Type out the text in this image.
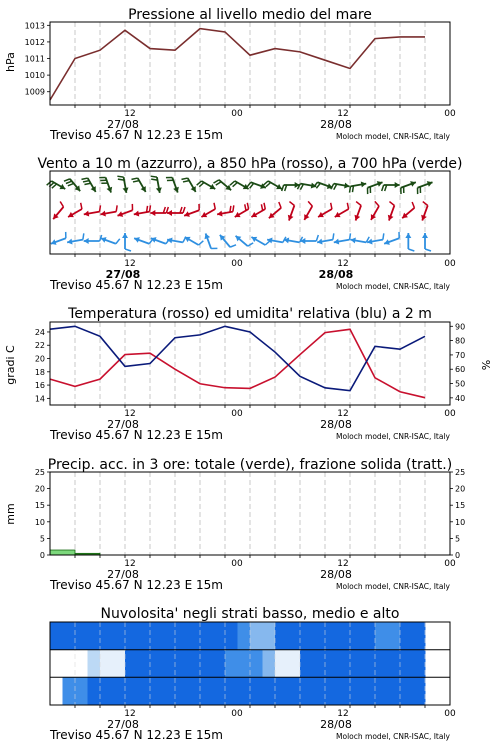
Pressione al livello medio del mare
hPa
1009
1010
1011
1012
1013
12	00	12	00
27/08	28/08
Treviso 45.67 N 12.23 E 15m	Moloch model, CNR-ISAC, Italy
Vento a 10 m (azzurro), a 850 hPa (rosso), a 700 hPa (verde)
12	00	12	00
27/08	28/08
Treviso 45.67 N 12.23 E 15m	Moloch model, CNR-ISAC, Italy
Temperatura (rosso) ed umidita' relativa (blu) a 2 m
gradi C	%
14
16
18
20
22
24
40
50
60
70
80
90
12	00	12	00
27/08	28/08
Treviso 45.67 N 12.23 E 15m	Moloch model, CNR-ISAC, Italy
Precip. acc. in 3 ore: totale (verde), frazione solida (tratt.)
mm
0
5
10
15
20
25
0
5
10
15
20
25
12	00	12	00
27/08	28/08
Treviso 45.67 N 12.23 E 15m	Moloch model, CNR-ISAC, Italy
Nuvolosita' negli strati basso, medio e alto
12	00	12	00
27/08	28/08
Treviso 45.67 N 12.23 E 15m	Moloch model, CNR-ISAC, Italy
